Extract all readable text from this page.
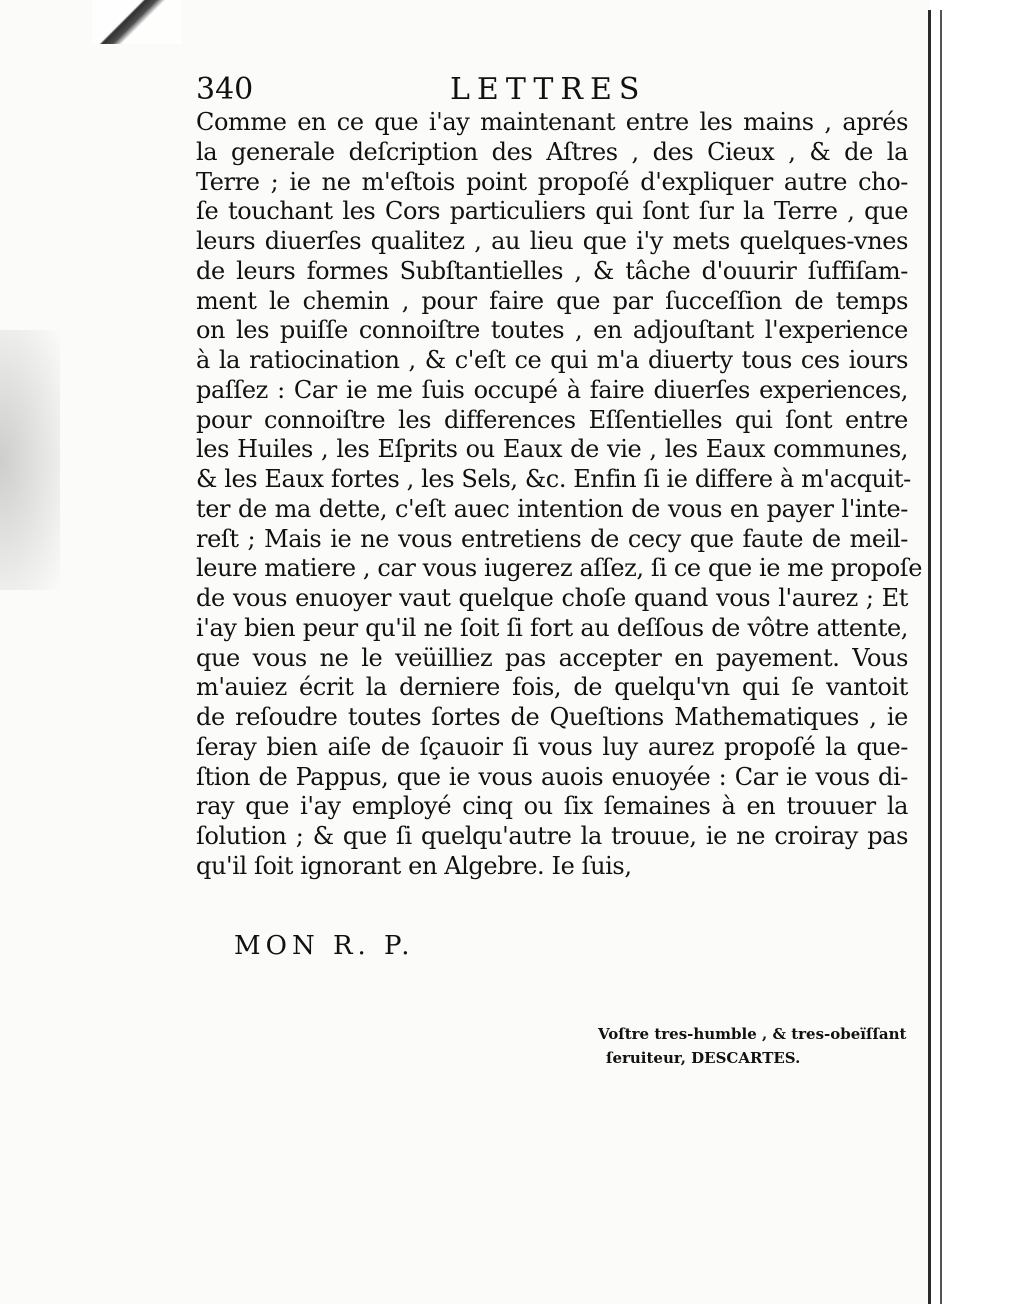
340	LETTRES
Comme en ce que i'ay maintenant entre les mains , aprés
la generale deſcription des Aſtres , des Cieux , & de la
Terre ; ie ne m'eſtois point propoſé d'expliquer autre cho-
ſe touchant les Cors particuliers qui ſont ſur la Terre , que
leurs diuerſes qualitez , au lieu que i'y mets quelques-vnes
de leurs formes Subſtantielles , & tâche d'ouurir ſuffiſam-
ment le chemin , pour faire que par ſucceſſion de temps
on les puiſſe connoiſtre toutes , en adjouſtant l'experience
à la ratiocination , & c'eſt ce qui m'a diuerty tous ces iours
paſſez : Car ie me ſuis occupé à faire diuerſes experiences,
pour connoiſtre les differences Eſſentielles qui ſont entre
les Huiles , les Eſprits ou Eaux de vie , les Eaux communes,
& les Eaux fortes , les Sels, &c. Enfin ſi ie differe à m'acquit-
ter de ma dette, c'eſt auec intention de vous en payer l'inte-
reſt ; Mais ie ne vous entretiens de cecy que faute de meil-
leure matiere , car vous iugerez aſſez, ſi ce que ie me propoſe
de vous enuoyer vaut quelque choſe quand vous l'aurez ; Et
i'ay bien peur qu'il ne ſoit ſi fort au deſſous de vôtre attente,
que vous ne le veüilliez pas accepter en payement. Vous
m'auiez écrit la derniere fois, de quelqu'vn qui ſe vantoit
de reſoudre toutes ſortes de Queſtions Mathematiques , ie
ſeray bien aiſe de ſçauoir ſi vous luy aurez propoſé la que-
ſtion de Pappus, que ie vous auois enuoyée : Car ie vous di-
ray que i'ay employé cinq ou ſix ſemaines à en trouuer la
ſolution ; & que ſi quelqu'autre la trouue, ie ne croiray pas
qu'il ſoit ignorant en Algebre. Ie ſuis,
MON R. P.
Voſtre tres-humble , & tres-obeïſſant
ſeruiteur, DESCARTES.
